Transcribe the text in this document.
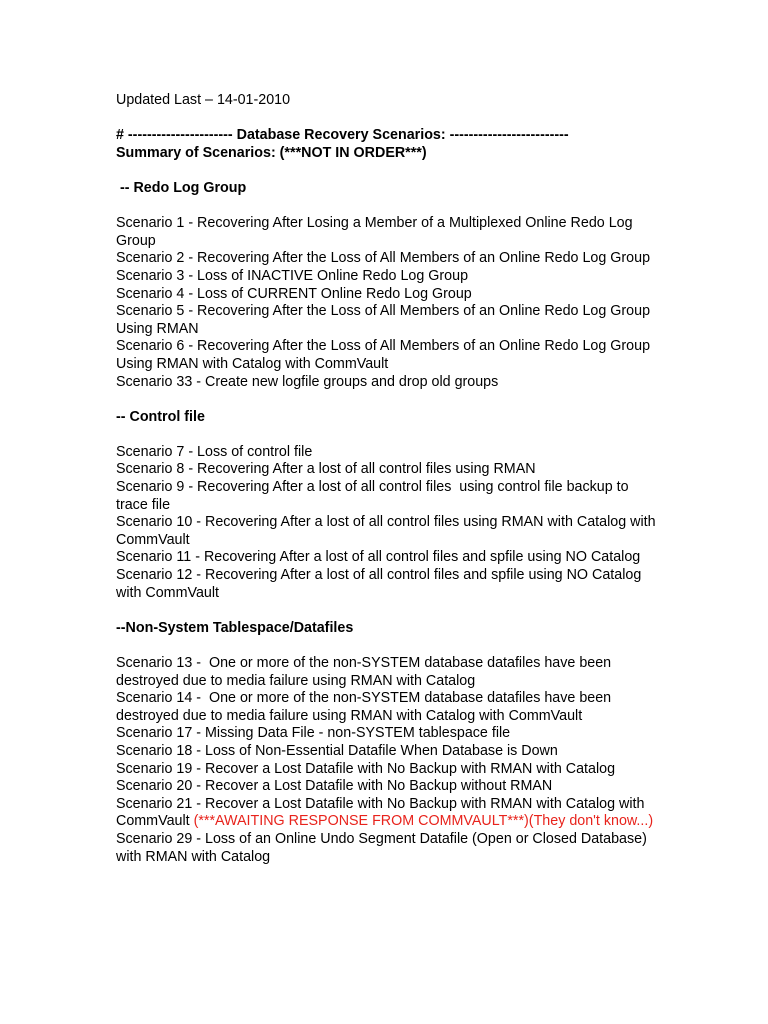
Updated Last – 14-01-2010

# ---------------------- Database Recovery Scenarios: -------------------------

Summary of Scenarios: (***NOT IN ORDER***)

-- Redo Log Group

Scenario 1 - Recovering After Losing a Member of a Multiplexed Online Redo Log Group

Scenario 2 - Recovering After the Loss of All Members of an Online Redo Log Group

Scenario 3 - Loss of INACTIVE Online Redo Log Group

Scenario 4 - Loss of CURRENT Online Redo Log Group

Scenario 5 - Recovering After the Loss of All Members of an Online Redo Log Group Using RMAN

Scenario 6 - Recovering After the Loss of All Members of an Online Redo Log Group Using RMAN with Catalog with CommVault

Scenario 33 - Create new logfile groups and drop old groups

-- Control file

Scenario 7 - Loss of control file

Scenario 8 - Recovering After a lost of all control files using RMAN

Scenario 9 - Recovering After a lost of all control files  using control file backup to trace file

Scenario 10 - Recovering After a lost of all control files using RMAN with Catalog with CommVault

Scenario 11 - Recovering After a lost of all control files and spfile using NO Catalog

Scenario 12 - Recovering After a lost of all control files and spfile using NO Catalog with CommVault

--Non-System Tablespace/Datafiles

Scenario 13 -  One or more of the non-SYSTEM database datafiles have been destroyed due to media failure using RMAN with Catalog

Scenario 14 -  One or more of the non-SYSTEM database datafiles have been destroyed due to media failure using RMAN with Catalog with CommVault

Scenario 17 - Missing Data File - non-SYSTEM tablespace file

Scenario 18 - Loss of Non-Essential Datafile When Database is Down

Scenario 19 - Recover a Lost Datafile with No Backup with RMAN with Catalog

Scenario 20 - Recover a Lost Datafile with No Backup without RMAN

Scenario 21 - Recover a Lost Datafile with No Backup with RMAN with Catalog with CommVault (***AWAITING RESPONSE FROM COMMVAULT***)(They don't know...)

Scenario 29 - Loss of an Online Undo Segment Datafile (Open or Closed Database) with RMAN with Catalog
